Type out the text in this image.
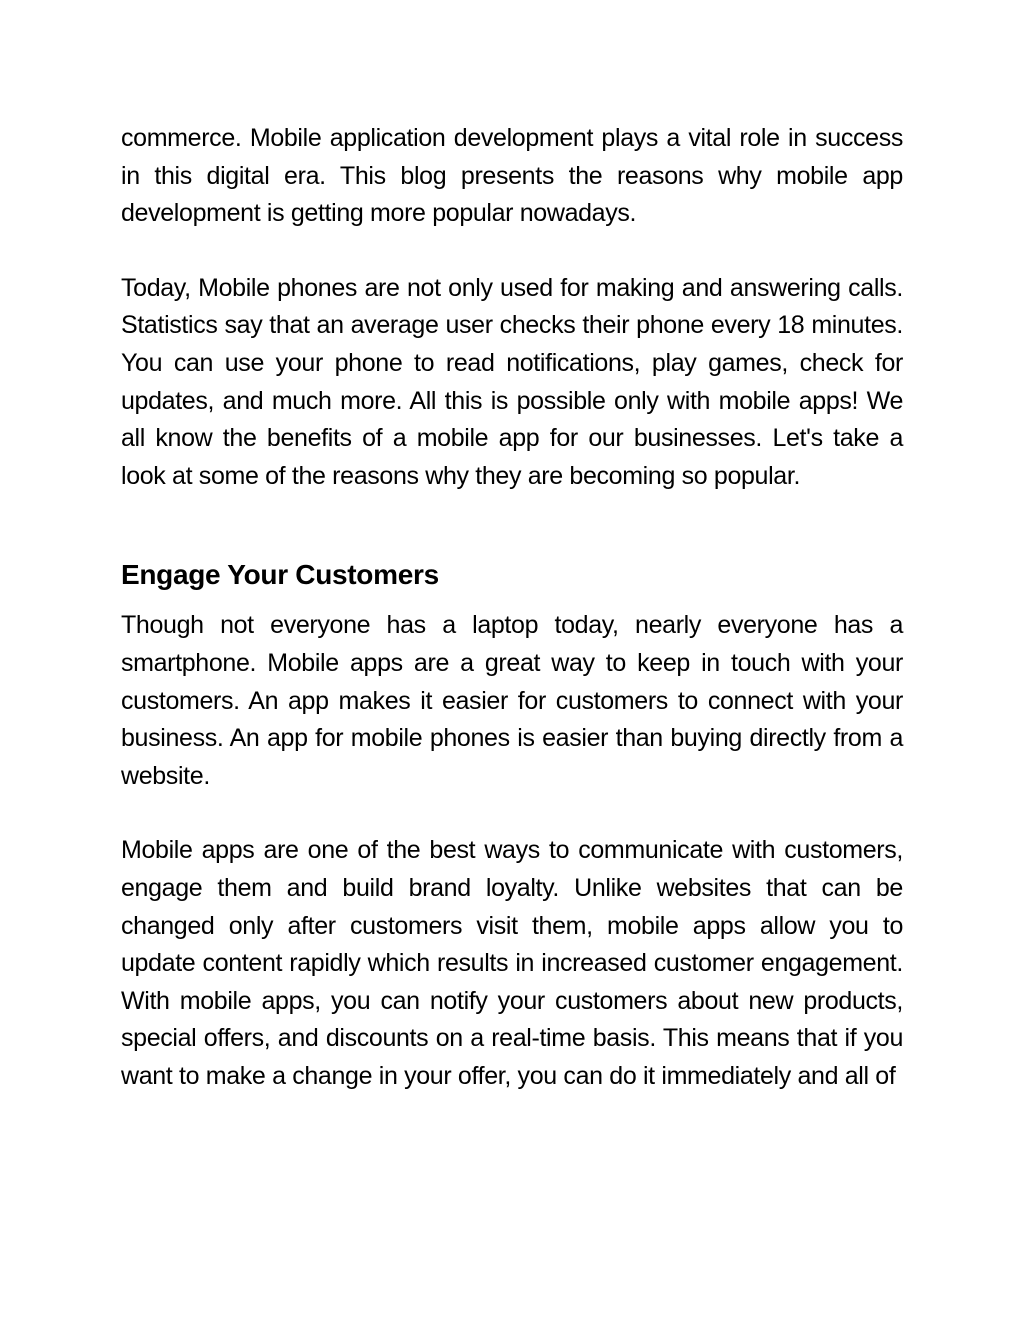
commerce. Mobile application development plays a vital role in success in this digital era. This blog presents the reasons why mobile app development is getting more popular nowadays.

Today, Mobile phones are not only used for making and answering calls. Statistics say that an average user checks their phone every 18 minutes. You can use your phone to read notifications, play games, check for updates, and much more. All this is possible only with mobile apps! We all know the benefits of a mobile app for our businesses. Let's take a look at some of the reasons why they are becoming so popular.

Engage Your Customers

Though not everyone has a laptop today, nearly everyone has a smartphone. Mobile apps are a great way to keep in touch with your customers. An app makes it easier for customers to connect with your business. An app for mobile phones is easier than buying directly from a website.

Mobile apps are one of the best ways to communicate with customers, engage them and build brand loyalty. Unlike websites that can be changed only after customers visit them, mobile apps allow you to update content rapidly which results in increased customer engagement. With mobile apps, you can notify your customers about new products, special offers, and discounts on a real-time basis. This means that if you want to make a change in your offer, you can do it immediately and all of
